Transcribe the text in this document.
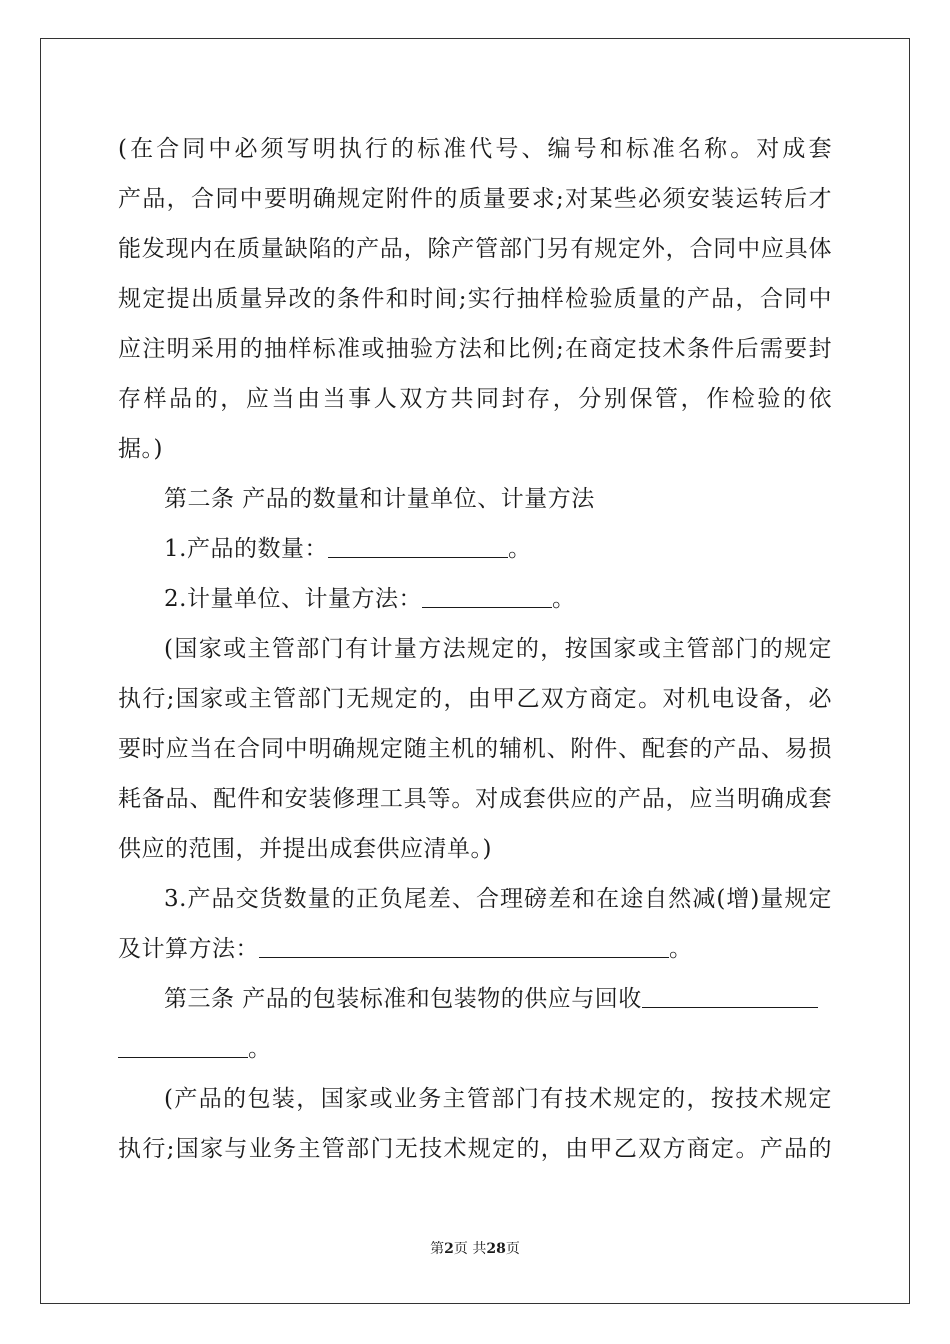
(在合同中必须写明执行的标准代号、编号和标准名称。对成套
产品，合同中要明确规定附件的质量要求;对某些必须安装运转后才
能发现内在质量缺陷的产品，除产管部门另有规定外，合同中应具体
规定提出质量异改的条件和时间;实行抽样检验质量的产品，合同中
应注明采用的抽样标准或抽验方法和比例;在商定技术条件后需要封
存样品的，应当由当事人双方共同封存，分别保管，作检验的依
据。)
第二条 产品的数量和计量单位、计量方法
1.产品的数量：	。
2.计量单位、计量方法：	。
(国家或主管部门有计量方法规定的，按国家或主管部门的规定
执行;国家或主管部门无规定的，由甲乙双方商定。对机电设备，必
要时应当在合同中明确规定随主机的辅机、附件、配套的产品、易损
耗备品、配件和安装修理工具等。对成套供应的产品，应当明确成套
供应的范围，并提出成套供应清单。)
3.产品交货数量的正负尾差、合理磅差和在途自然减(增)量规定
及计算方法：	。
第三条 产品的包装标准和包装物的供应与回收
。
(产品的包装，国家或业务主管部门有技术规定的，按技术规定
执行;国家与业务主管部门无技术规定的，由甲乙双方商定。产品的
第2页 共28页
